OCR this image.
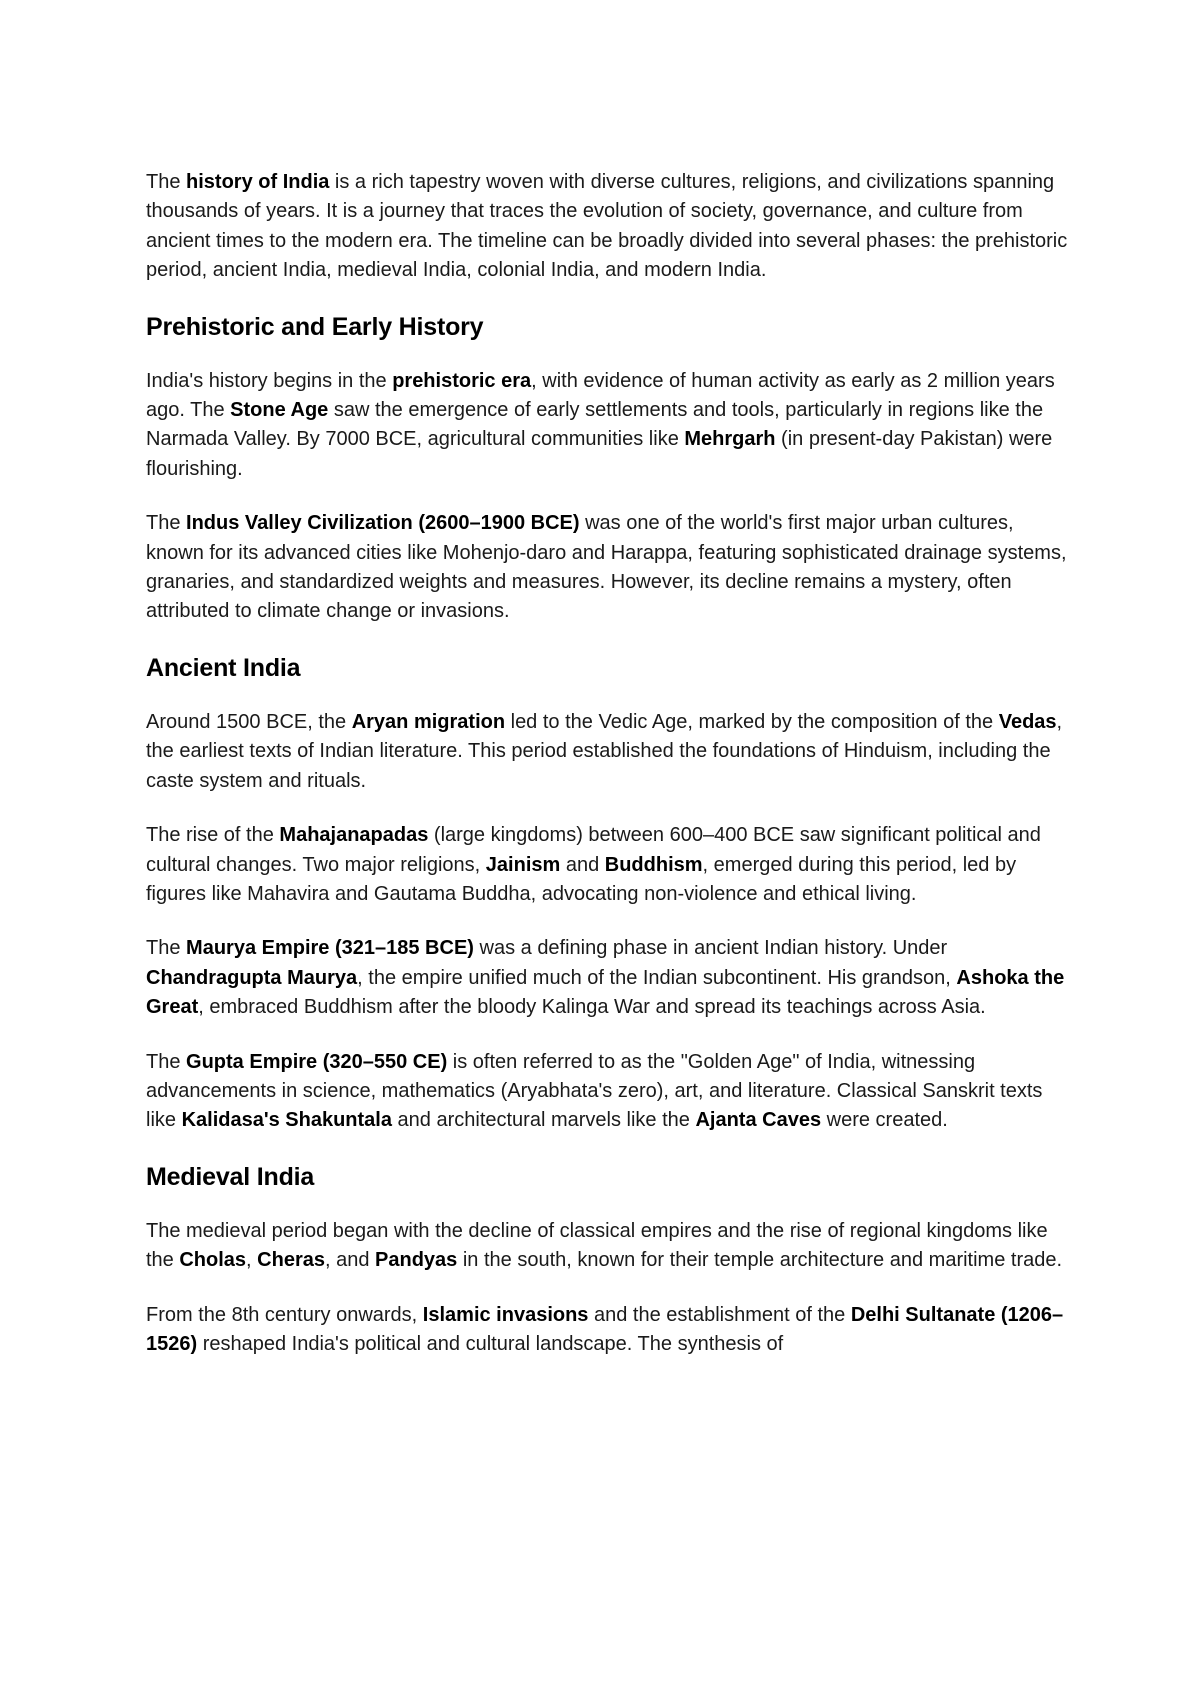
The history of India is a rich tapestry woven with diverse cultures, religions, and civilizations spanning thousands of years. It is a journey that traces the evolution of society, governance, and culture from ancient times to the modern era. The timeline can be broadly divided into several phases: the prehistoric period, ancient India, medieval India, colonial India, and modern India.

Prehistoric and Early History

India's history begins in the prehistoric era, with evidence of human activity as early as 2 million years ago. The Stone Age saw the emergence of early settlements and tools, particularly in regions like the Narmada Valley. By 7000 BCE, agricultural communities like Mehrgarh (in present-day Pakistan) were flourishing.

The Indus Valley Civilization (2600–1900 BCE) was one of the world's first major urban cultures, known for its advanced cities like Mohenjo-daro and Harappa, featuring sophisticated drainage systems, granaries, and standardized weights and measures. However, its decline remains a mystery, often attributed to climate change or invasions.

Ancient India

Around 1500 BCE, the Aryan migration led to the Vedic Age, marked by the composition of the Vedas, the earliest texts of Indian literature. This period established the foundations of Hinduism, including the caste system and rituals.

The rise of the Mahajanapadas (large kingdoms) between 600–400 BCE saw significant political and cultural changes. Two major religions, Jainism and Buddhism, emerged during this period, led by figures like Mahavira and Gautama Buddha, advocating non-violence and ethical living.

The Maurya Empire (321–185 BCE) was a defining phase in ancient Indian history. Under Chandragupta Maurya, the empire unified much of the Indian subcontinent. His grandson, Ashoka the Great, embraced Buddhism after the bloody Kalinga War and spread its teachings across Asia.

The Gupta Empire (320–550 CE) is often referred to as the "Golden Age" of India, witnessing advancements in science, mathematics (Aryabhata's zero), art, and literature. Classical Sanskrit texts like Kalidasa's Shakuntala and architectural marvels like the Ajanta Caves were created.

Medieval India

The medieval period began with the decline of classical empires and the rise of regional kingdoms like the Cholas, Cheras, and Pandyas in the south, known for their temple architecture and maritime trade.

From the 8th century onwards, Islamic invasions and the establishment of the Delhi Sultanate (1206–1526) reshaped India's political and cultural landscape. The synthesis of
